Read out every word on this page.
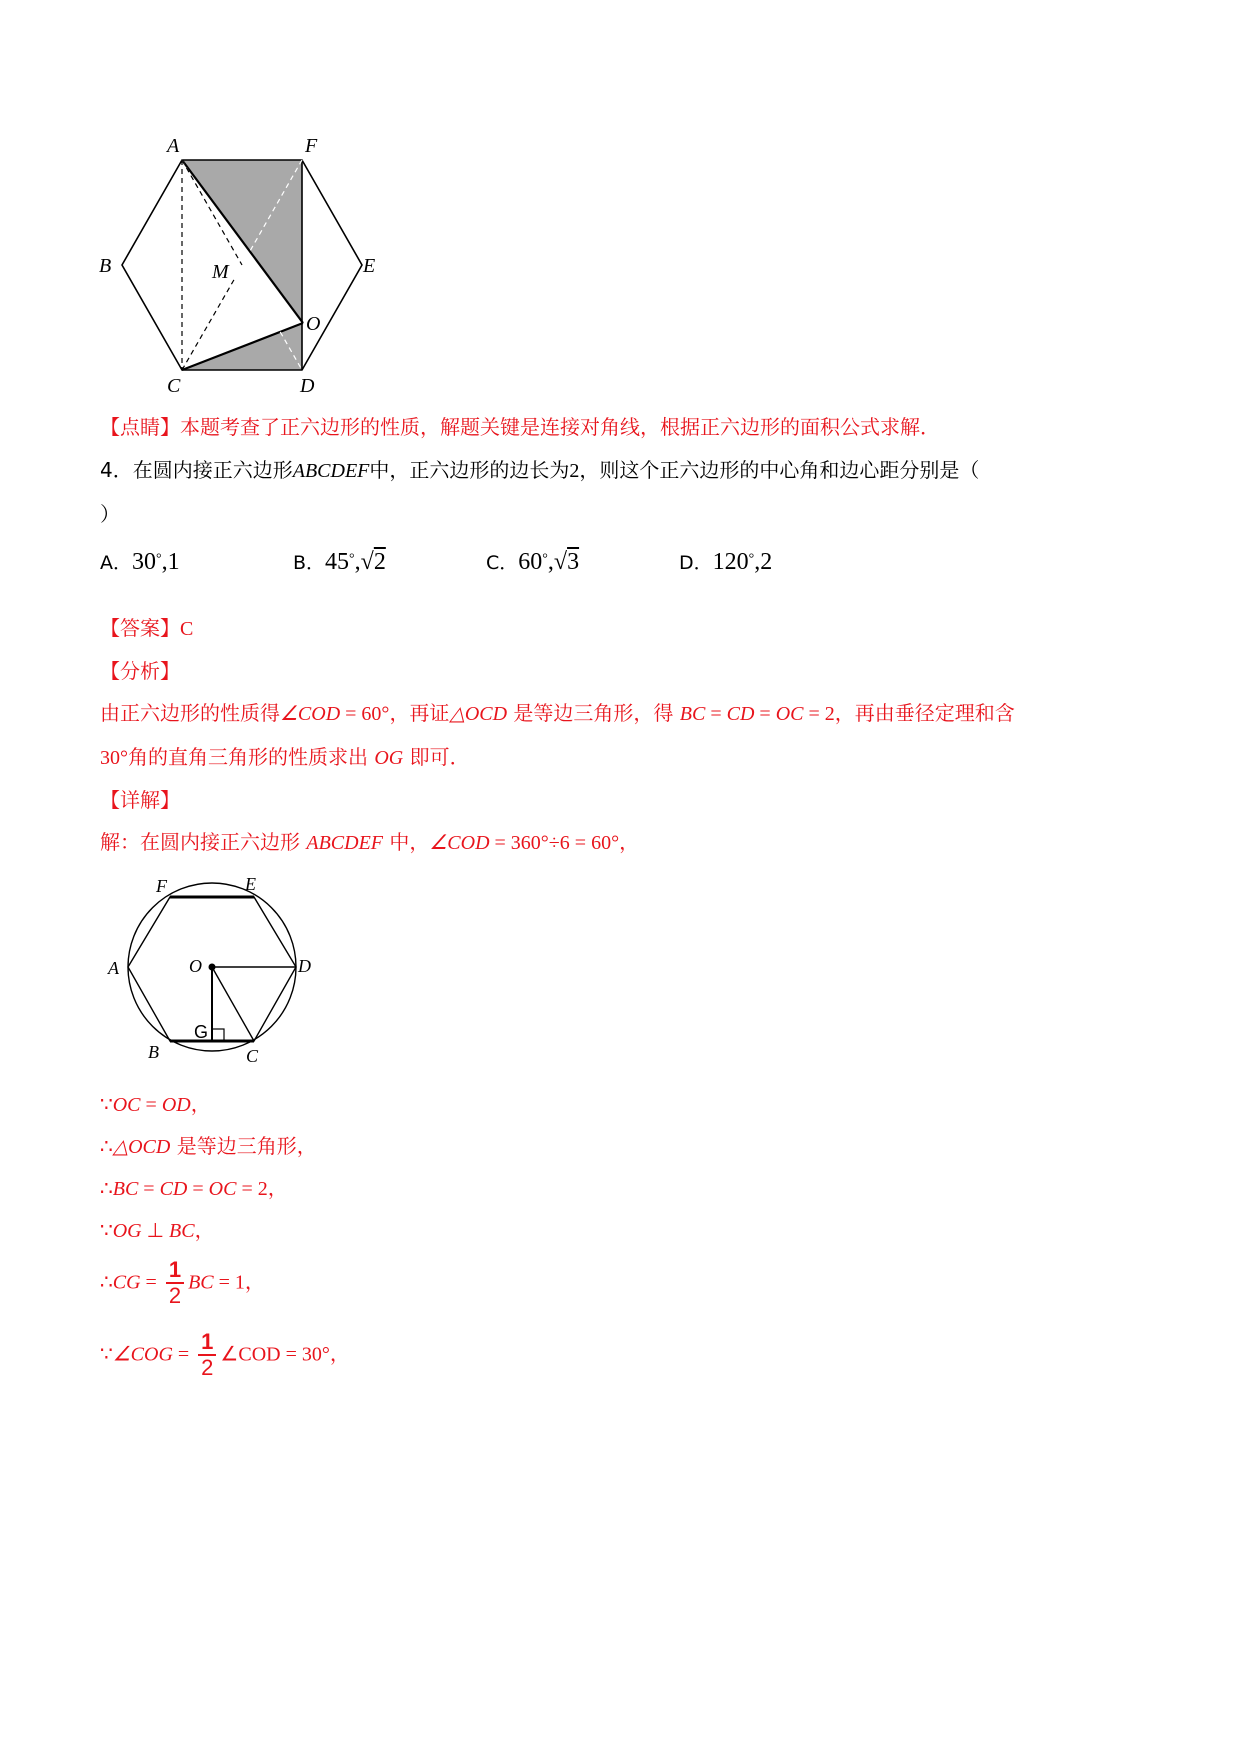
A	F
B	E
M
O
C	D
【点睛】本题考查了正六边形的性质，解题关键是连接对角线，根据正六边形的面积公式求解．
4．在圆内接正六边形ABCDEF中，正六边形的边长为2，则这个正六边形的中心角和边心距分别是（
）
A．30°,1	B．45°,√2	C．60°,√3	D．120°,2
【答案】C
【分析】
由正六边形的性质得∠COD = 60°，再证△OCD 是等边三角形，得 BC = CD = OC = 2，再由垂径定理和含
30°角的直角三角形的性质求出 OG 即可．
【详解】
解：在圆内接正六边形 ABCDEF 中，∠COD = 360°÷6 = 60°，
F	E
A	O	D
G
B	C
∵OC = OD，
∴△OCD 是等边三角形，
∴BC = CD = OC = 2，
∵OG ⊥ BC，
∴CG = $\frac{1}{2}$ BC = 1，
∵∠COG = $\frac{1}{2}$ ∠COD = 30°，
